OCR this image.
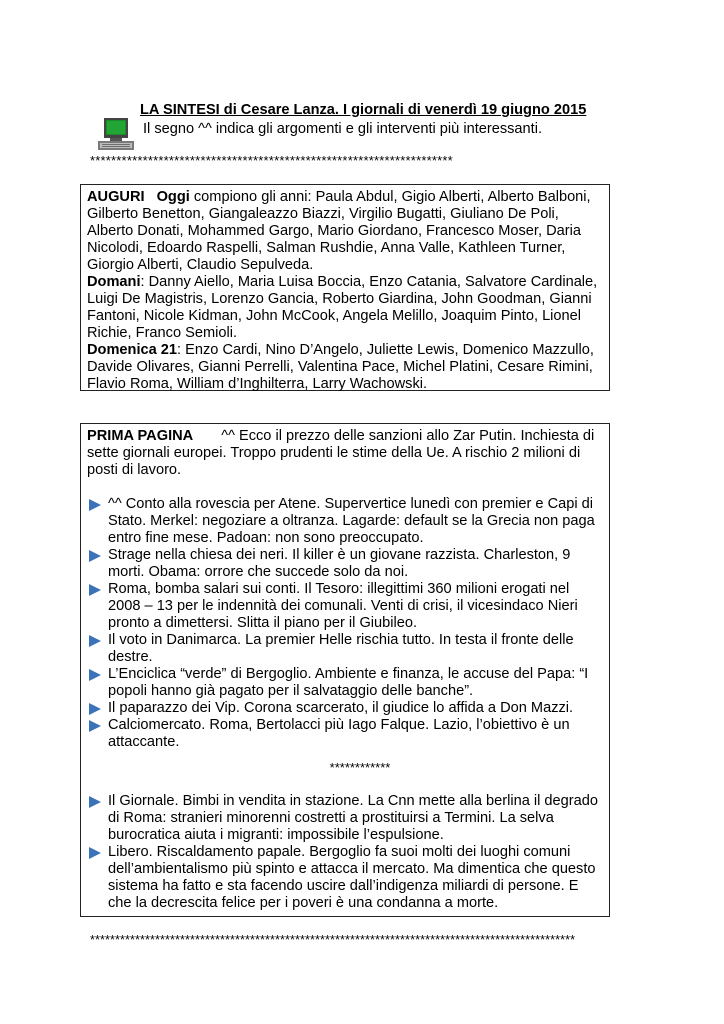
LA SINTESI di Cesare Lanza. I giornali di venerdì 19 giugno 2015
Il segno ^^ indica gli argomenti e gli interventi più interessanti.
*********************************************************************

AUGURI Oggi compiono gli anni: Paula Abdul, Gigio Alberti, Alberto Balboni, Gilberto Benetton, Giangaleazzo Biazzi, Virgilio Bugatti, Giuliano De Poli, Alberto Donati, Mohammed Gargo, Mario Giordano, Francesco Moser, Daria Nicolodi, Edoardo Raspelli, Salman Rushdie, Anna Valle, Kathleen Turner, Giorgio Alberti, Claudio Sepulveda.

Domani: Danny Aiello, Maria Luisa Boccia, Enzo Catania, Salvatore Cardinale, Luigi De Magistris, Lorenzo Gancia, Roberto Giardina, John Goodman, Gianni Fantoni, Nicole Kidman, John McCook, Angela Melillo, Joaquim Pinto, Lionel Richie, Franco Semioli.

Domenica 21: Enzo Cardi, Nino D’Angelo, Juliette Lewis, Domenico Mazzullo, Davide Olivares, Gianni Perrelli, Valentina Pace, Michel Platini, Cesare Rimini, Flavio Roma, William d’Inghilterra, Larry Wachowski.

PRIMA PAGINA ^^ Ecco il prezzo delle sanzioni allo Zar Putin. Inchiesta di sette giornali europei. Troppo prudenti le stime della Ue. A rischio 2 milioni di posti di lavoro.

^^ Conto alla rovescia per Atene. Supervertice lunedì con premier e Capi di Stato. Merkel: negoziare a oltranza. Lagarde: default se la Grecia non paga entro fine mese. Padoan: non sono preoccupato.
Strage nella chiesa dei neri. Il killer è un giovane razzista. Charleston, 9 morti. Obama: orrore che succede solo da noi.
Roma, bomba salari sui conti. Il Tesoro: illegittimi 360 milioni erogati nel 2008 – 13 per le indennità dei comunali. Venti di crisi, il vicesindaco Nieri pronto a dimettersi. Slitta il piano per il Giubileo.
Il voto in Danimarca. La premier Helle rischia tutto. In testa il fronte delle destre.
L’Enciclica “verde” di Bergoglio. Ambiente e finanza, le accuse del Papa: “I popoli hanno già pagato per il salvataggio delle banche”.
Il paparazzo dei Vip. Corona scarcerato, il giudice lo affida a Don Mazzi.
Calciomercato. Roma, Bertolacci più Iago Falque. Lazio, l’obiettivo è un attaccante.
************
Il Giornale. Bimbi in vendita in stazione. La Cnn mette alla berlina il degrado di Roma: stranieri minorenni costretti a prostituirsi a Termini. La selva burocratica aiuta i migranti: impossibile l’espulsione.
Libero. Riscaldamento papale. Bergoglio fa suoi molti dei luoghi comuni dell’ambientalismo più spinto e attacca il mercato. Ma dimentica che questo sistema ha fatto e sta facendo uscire dall’indigenza miliardi di persone. E che la decrescita felice per i poveri è una condanna a morte.
*************************************************************************************************
